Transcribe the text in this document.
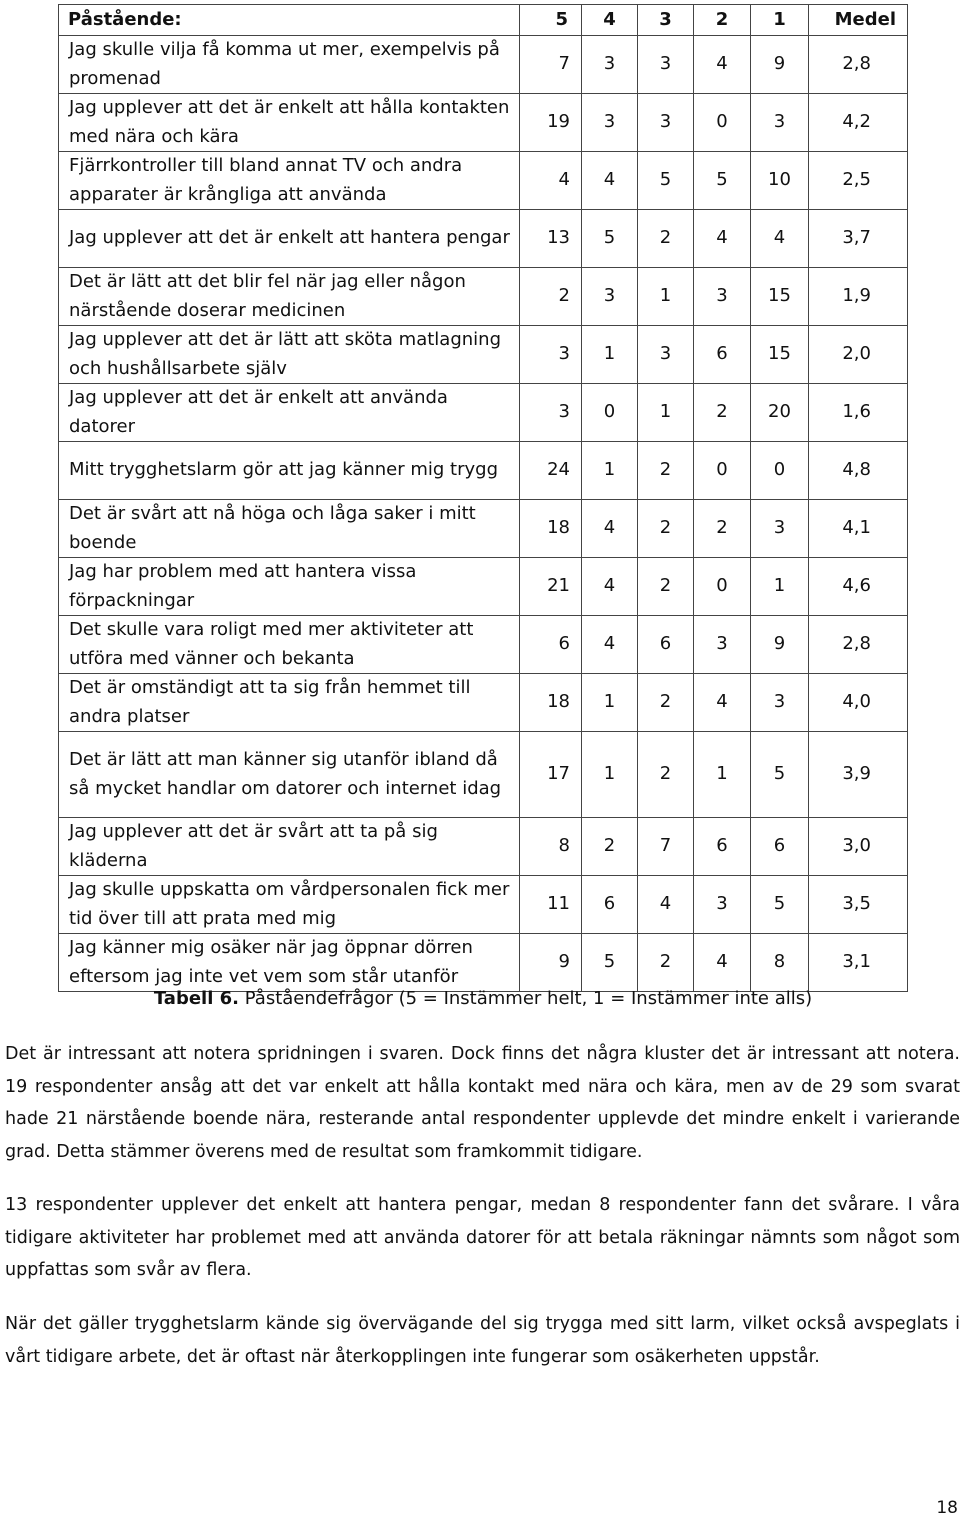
Påstående:	5	4	3	2	1	Medel
Jag skulle vilja få komma ut mer, exempelvis på promenad	7	3	3	4	9	2,8
Jag upplever att det är enkelt att hålla kontakten med nära och kära	19	3	3	0	3	4,2
Fjärrkontroller till bland annat TV och andra apparater är krångliga att använda	4	4	5	5	10	2,5
Jag upplever att det är enkelt att hantera pengar	13	5	2	4	4	3,7
Det är lätt att det blir fel när jag eller någon närstående doserar medicinen	2	3	1	3	15	1,9
Jag upplever att det är lätt att sköta matlagning och hushållsarbete själv	3	1	3	6	15	2,0
Jag upplever att det är enkelt att använda datorer	3	0	1	2	20	1,6
Mitt trygghetslarm gör att jag känner mig trygg	24	1	2	0	0	4,8
Det är svårt att nå höga och låga saker i mitt boende	18	4	2	2	3	4,1
Jag har problem med att hantera vissa förpackningar	21	4	2	0	1	4,6
Det skulle vara roligt med mer aktiviteter att utföra med vänner och bekanta	6	4	6	3	9	2,8
Det är omständigt att ta sig från hemmet till andra platser	18	1	2	4	3	4,0
Det är lätt att man känner sig utanför ibland då så mycket handlar om datorer och internet idag	17	1	2	1	5	3,9
Jag upplever att det är svårt att ta på sig kläderna	8	2	7	6	6	3,0
Jag skulle uppskatta om vårdpersonalen fick mer tid över till att prata med mig	11	6	4	3	5	3,5
Jag känner mig osäker när jag öppnar dörren eftersom jag inte vet vem som står utanför	9	5	2	4	8	3,1
Tabell 6. Påståendefrågor (5 = Instämmer helt, 1 = Instämmer inte alls)

Det är intressant att notera spridningen i svaren. Dock finns det några kluster det är intressant att notera. 19 respondenter ansåg att det var enkelt att hålla kontakt med nära och kära, men av de 29 som svarat hade 21 närstående boende nära, resterande antal respondenter upplevde det mindre enkelt i varierande grad. Detta stämmer överens med de resultat som framkommit tidigare.

13 respondenter upplever det enkelt att hantera pengar, medan 8 respondenter fann det svårare. I våra tidigare aktiviteter har problemet med att använda datorer för att betala räkningar nämnts som något som uppfattas som svår av flera.

När det gäller trygghetslarm kände sig övervägande del sig trygga med sitt larm, vilket också avspeglats i vårt tidigare arbete, det är oftast när återkopplingen inte fungerar som osäkerheten uppstår.

18
